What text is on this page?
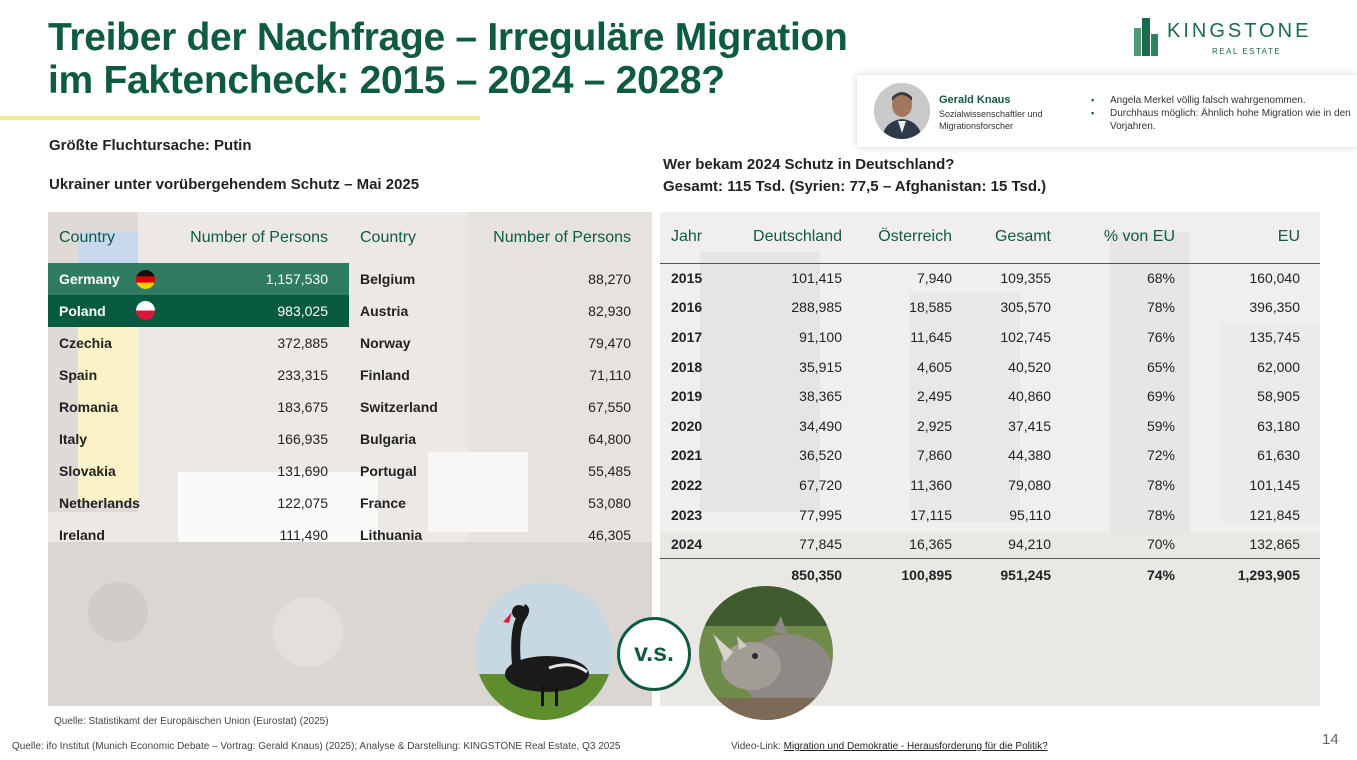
Treiber der Nachfrage – Irreguläre Migration
im Faktencheck: 2015 – 2024 – 2028?
KINGSTONE
REAL ESTATE
Gerald Knaus
Sozialwissenschaftler und Migrationsforscher
▪ Angela Merkel völlig falsch wahrgenommen.
▪ Durchhaus möglich: Ähnlich hohe Migration wie in den Vorjahren.
Größte Fluchtursache: Putin
Ukrainer unter vorübergehendem Schutz – Mai 2025
Wer bekam 2024 Schutz in Deutschland?
Gesamt: 115 Tsd. (Syrien: 77,5 – Afghanistan: 15 Tsd.)
Country	Number of Persons	Country	Number of Persons
Germany	1,157,530	Belgium	88,270
Poland	983,025	Austria	82,930
Czechia	372,885	Norway	79,470
Spain	233,315	Finland	71,110
Romania	183,675	Switzerland	67,550
Italy	166,935	Bulgaria	64,800
Slovakia	131,690	Portugal	55,485
Netherlands	122,075	France	53,080
Ireland	111,490	Lithuania	46,305
Jahr	Deutschland	Österreich	Gesamt	% von EU	EU
2015	101,415	7,940	109,355	68%	160,040
2016	288,985	18,585	305,570	78%	396,350
2017	91,100	11,645	102,745	76%	135,745
2018	35,915	4,605	40,520	65%	62,000
2019	38,365	2,495	40,860	69%	58,905
2020	34,490	2,925	37,415	59%	63,180
2021	36,520	7,860	44,380	72%	61,630
2022	67,720	11,360	79,080	78%	101,145
2023	77,995	17,115	95,110	78%	121,845
2024	77,845	16,365	94,210	70%	132,865
	850,350	100,895	951,245	74%	1,293,905
v.s.
Quelle: Statistikamt der Europäischen Union (Eurostat) (2025)
Quelle: ifo Institut (Munich Economic Debate – Vortrag: Gerald Knaus) (2025); Analyse & Darstellung: KINGSTONE Real Estate, Q3 2025	Video-Link: Migration und Demokratie - Herausforderung für die Politik?	14
